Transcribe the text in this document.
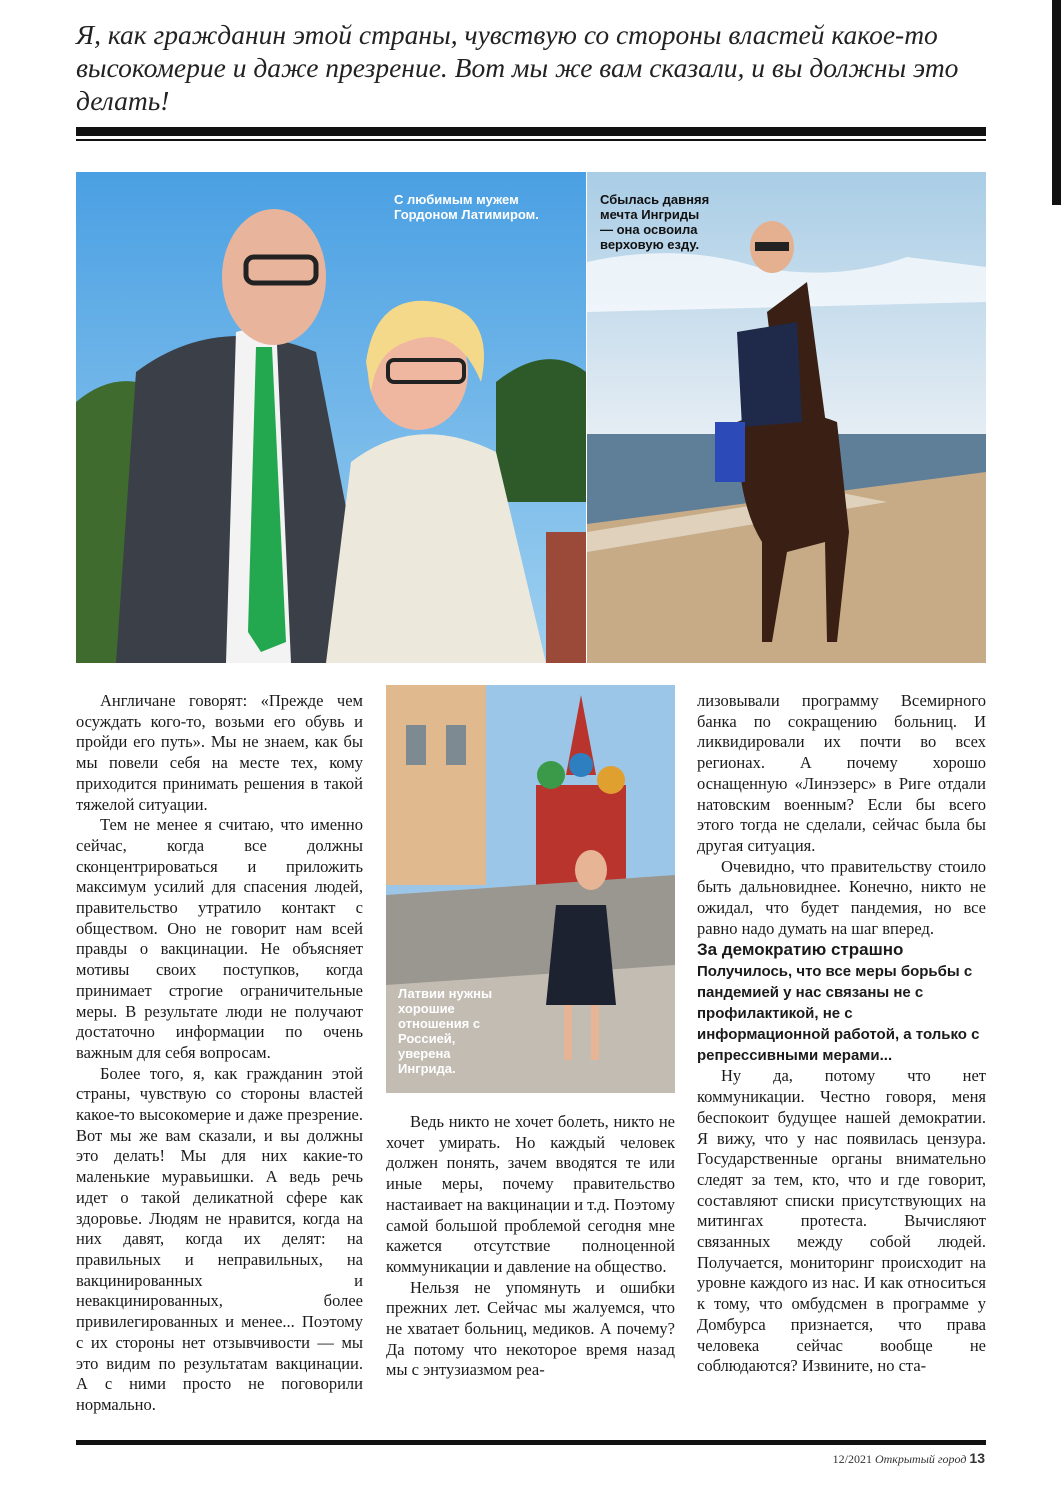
Я, как гражданин этой страны, чувствую со стороны властей какое-то высокомерие и даже презрение. Вот мы же вам сказали, и вы должны это делать!
С любимым мужем Гордоном Латимиром.
Сбылась давняя мечта Ингриды — она освоила верховую езду.
Латвии нужны хорошие отношения с Россией, уверена Ингрида.

Англичане говорят: «Прежде чем осуждать кого-то, возьми его обувь и пройди его путь». Мы не знаем, как бы мы повели себя на месте тех, кому приходится принимать решения в такой тяжелой ситуации.

Тем не менее я считаю, что именно сейчас, когда все должны сконцентрироваться и приложить максимум усилий для спасения людей, правительство утратило контакт с обществом. Оно не говорит нам всей правды о вакцинации. Не объясняет мотивы своих поступков, когда принимает строгие ограничительные меры. В результате люди не получают достаточно информации по очень важным для себя вопросам.

Более того, я, как гражданин этой страны, чувствую со стороны властей какое-то высокомерие и даже презрение. Вот мы же вам сказали, и вы должны это делать! Мы для них какие-то маленькие муравьишки. А ведь речь идет о такой деликатной сфере как здоровье. Людям не нравится, когда на них давят, когда их делят: на правильных и неправильных, на вакцинированных и невакцинированных, более привилегированных и менее... Поэтому с их стороны нет отзывчивости — мы это видим по результатам вакцинации. А с ними просто не поговорили нормально.

Ведь никто не хочет болеть, никто не хочет умирать. Но каждый человек должен понять, зачем вводятся те или иные меры, почему правительство настаивает на вакцинации и т.д. Поэтому самой большой проблемой сегодня мне кажется отсутствие полноценной коммуникации и давление на общество.

Нельзя не упомянуть и ошибки прежних лет. Сейчас мы жалуемся, что не хватает больниц, медиков. А почему? Да потому что некоторое время назад мы с энтузиазмом реа-

лизовывали программу Всемирного банка по сокращению больниц. И ликвидировали их почти во всех регионах. А почему хорошо оснащенную «Линэзерс» в Риге отдали натовским военным? Если бы всего этого тогда не сделали, сейчас была бы другая ситуация.

Очевидно, что правительству стоило быть дальновиднее. Конечно, никто не ожидал, что будет пандемия, но все равно надо думать на шаг вперед.

За демократию страшно

Получилось, что все меры борьбы с пандемией у нас связаны не с профилактикой, не с информационной работой, а только с репрессивными мерами...

Ну да, потому что нет коммуникации. Честно говоря, меня беспокоит будущее нашей демократии. Я вижу, что у нас появилась цензура. Государственные органы внимательно следят за тем, кто, что и где говорит, составляют списки присутствующих на митингах протеста. Вычисляют связанных между собой людей. Получается, мониторинг происходит на уровне каждого из нас. И как относиться к тому, что омбудсмен в программе у Домбурса признается, что права человека сейчас вообще не соблюдаются? Извините, но ста-

12/2021 Открытый город 13
